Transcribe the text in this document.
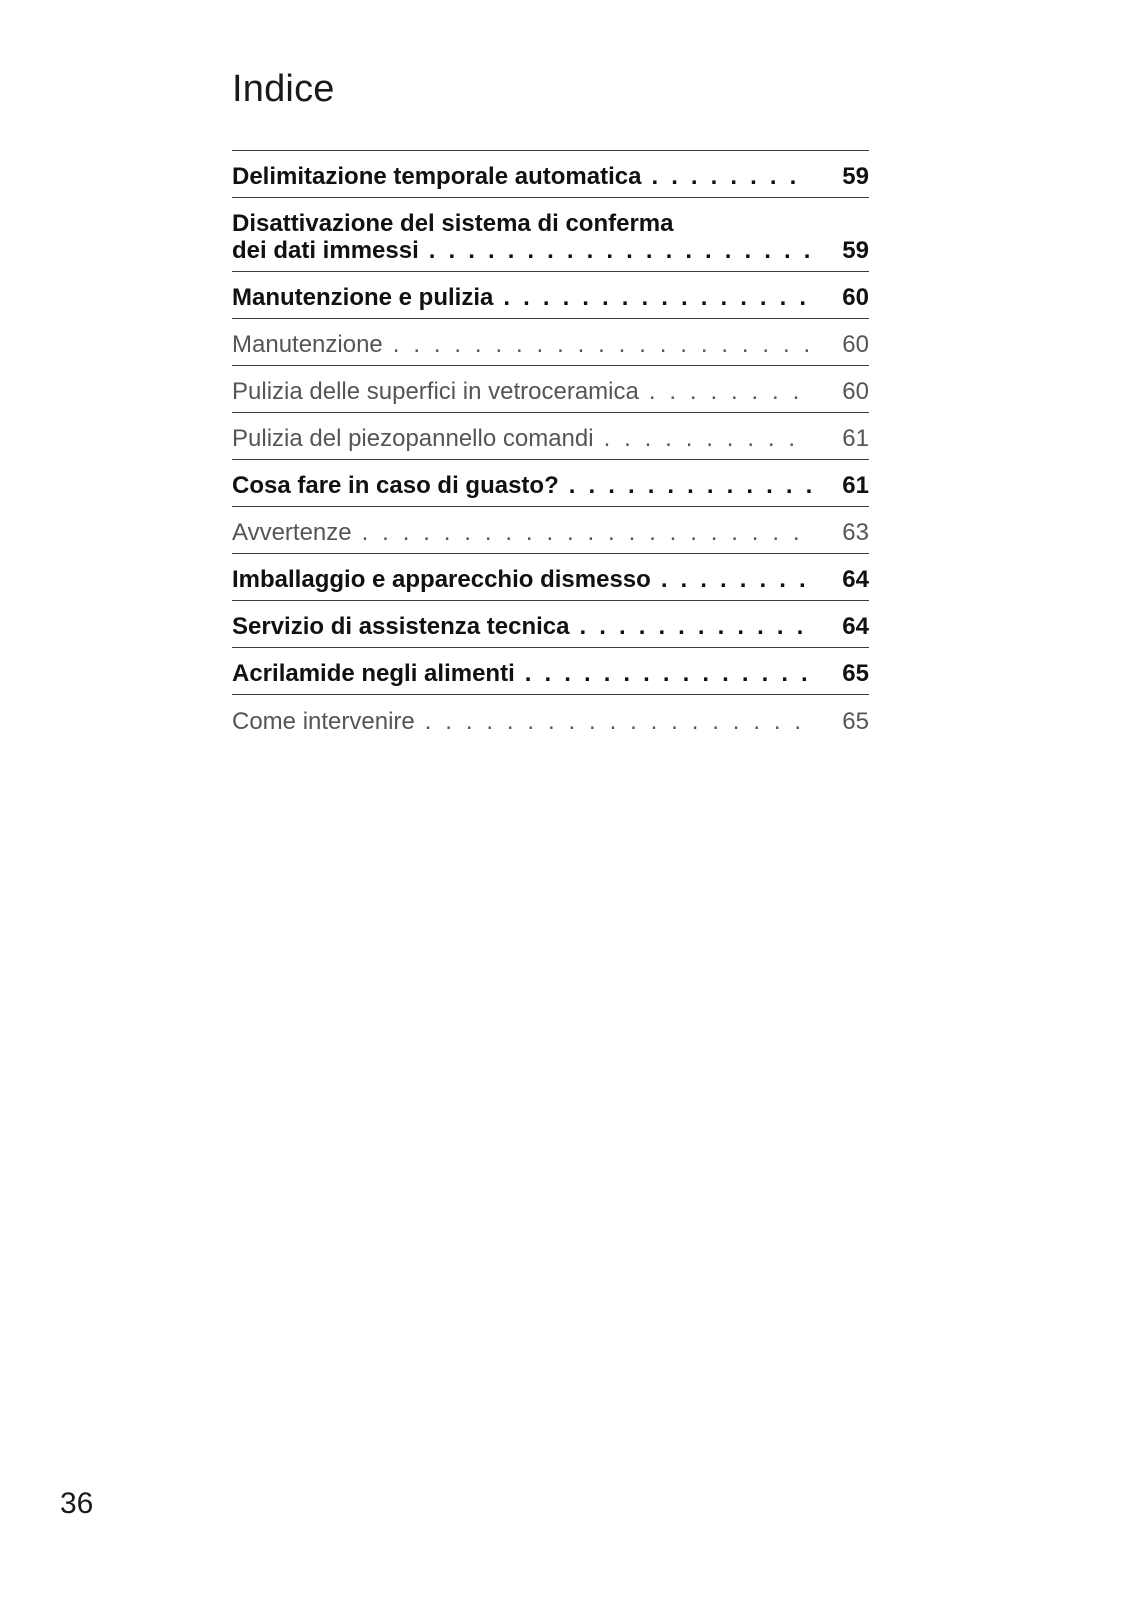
Indice
Delimitazione temporale automatica . . .	59
Disattivazione del sistema di conferma
dei dati immessi . . .	59
Manutenzione e pulizia . . .	60
Manutenzione . . .	60
Pulizia delle superfici in vetroceramica . . .	60
Pulizia del piezopannello comandi . . .	61
Cosa fare in caso di guasto? . . .	61
Avvertenze . . .	63
Imballaggio e apparecchio dismesso . . .	64
Servizio di assistenza tecnica . . .	64
Acrilamide negli alimenti . . .	65
Come intervenire . . .	65
36
